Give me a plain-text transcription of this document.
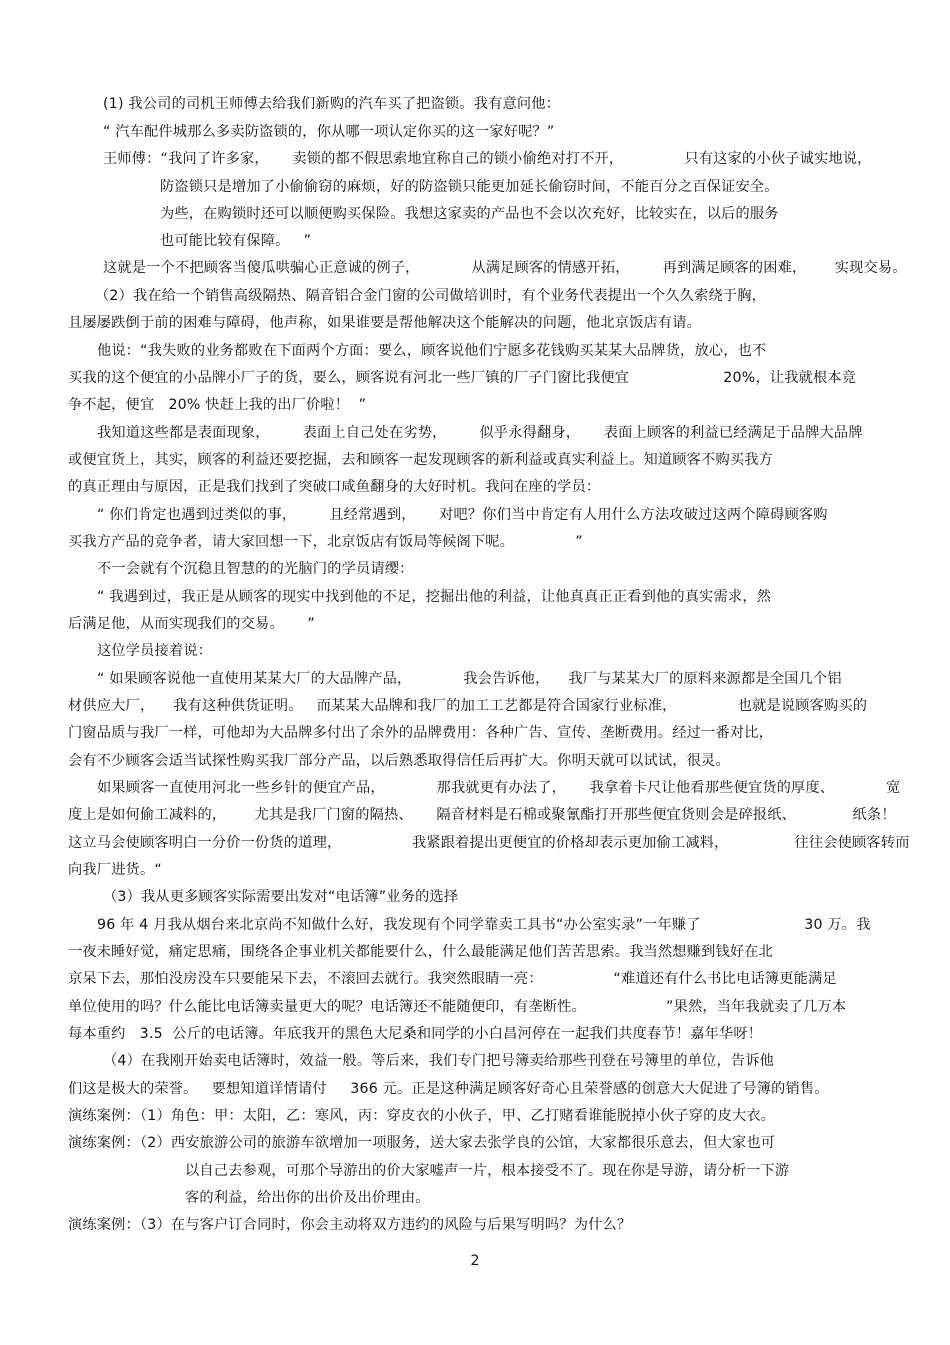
(1) 我公司的司机王师傅去给我们新购的汽车买了把盗锁。我有意问他：
“ 汽车配件城那么多卖防盗锁的，你从哪一项认定你买的这一家好呢？”
王师傅：“我问了许多家，     卖锁的都不假思索地宜称自己的锁小偷绝对打不开，             只有这家的小伙子诚实地说，
防盗锁只是增加了小偷偷窃的麻烦，好的防盗锁只能更加延长偷窃时间，不能百分之百保证安全。
为些，在购锁时还可以顺便购买保险。我想这家卖的产品也不会以次充好，比较实在，以后的服务
也可能比较有保障。   ”
这就是一个不把顾客当傻瓜哄骗心正意诚的例子，           从满足顾客的情感开拓，       再到满足顾客的困难，      实现交易。
（2）我在给一个销售高级隔热、隔音铝合金门窗的公司做培训时，有个业务代表提出一个久久索绕于胸，
且屡屡跌倒于前的困难与障碍，他声称，如果谁要是帮他解决这个能解决的问题，他北京饭店有请。
他说：“我失败的业务都败在下面两个方面：要么，顾客说他们宁愿多花钱购买某某大品牌货，放心，也不
买我的这个便宜的小品牌小厂子的货，要么，顾客说有河北一些厂镇的厂子门窗比我便宜                    20%，让我就根本竞
争不起，便宜   20% 快赶上我的出厂价啦！  ”
我知道这些都是表面现象，       表面上自己处在劣势，       似乎永得翻身，     表面上顾客的利益已经满足于品牌大品牌
或便宜货上，其实，顾客的利益还要挖掘，去和顾客一起发现顾客的新利益或真实利益上。知道顾客不购买我方
的真正理由与原因，正是我们找到了突破口咸鱼翻身的大好时机。我问在座的学员：
“ 你们肯定也遇到过类似的事，       且经常遇到，     对吧？你们当中肯定有人用什么方法攻破过这两个障碍顾客购
买我方产品的竞争者，请大家回想一下，北京饭店有饭局等候阁下呢。             ”
不一会就有个沉稳且智慧的的光脑门的学员请缨：
“ 我遇到过，我正是从顾客的现实中找到他的不足，挖掘出他的利益，让他真真正正看到他的真实需求，然
后满足他，从而实现我们的交易。     ”
这位学员接着说：
“ 如果顾客说他一直使用某某大厂的大品牌产品，           我会告诉他，    我厂与某某大厂的原料来源都是全国几个铝
材供应大厂，    我有这种供货证明。   而某某大品牌和我厂的加工工艺都是符合国家行业标准，             也就是说顾客购买的
门窗品质与我厂一样，可他却为大品牌多付出了余外的品牌费用：各种广告、宣传、垄断费用。经过一番对比，
会有不少顾客会适当试探性购买我厂部分产品，以后熟悉取得信任后再扩大。你明天就可以试试，很灵。
如果顾客一直使用河北一些乡针的便宜产品，           那我就更有办法了，     我拿着卡尺让他看那些便宜货的厚度、           宽
度上是如何偷工减料的，      尤其是我厂门窗的隔热、     隔音材料是石棉或聚氰酯打开那些便宜货则会是碎报纸、            纸条！
这立马会使顾客明白一分价一份货的道理，               我紧跟着提出更便宜的价格却表示更加偷工减料，              往往会使顾客转而
向我厂进货。“
（3）我从更多顾客实际需要出发对“电话簿”业务的选择
96 年 4 月我从烟台来北京尚不知做什么好，我发现有个同学靠卖工具书“办公室实录”一年赚了                      30 万。我
一夜未睡好觉，痛定思痛，围绕各企事业机关都能要什么，什么最能满足他们苦苦思索。我当然想赚到钱好在北
京呆下去，那怕没房没车只要能呆下去，不滚回去就行。我突然眼睛一亮：               “难道还有什么书比电话簿更能满足
单位使用的吗？什么能比电话簿卖量更大的呢？电话簿还不能随便印，有垄断性。                 ”果然，当年我就卖了几万本
每本重约   3.5  公斤的电话簿。年底我开的黑色大尼桑和同学的小白昌河停在一起我们共度春节！嘉年华呀！
（4）在我刚开始卖电话簿时，效益一般。等后来，我们专门把号簿卖给那些刊登在号簿里的单位，告诉他
们这是极大的荣誉。   要想知道详情请付     366 元。正是这种满足顾客好奇心且荣誉感的创意大大促进了号簿的销售。
演练案例：（1）角色：甲：太阳，乙：寒风，丙：穿皮衣的小伙子，甲、乙打赌看谁能脱掉小伙子穿的皮大衣。
演练案例：（2）西安旅游公司的旅游车欲增加一项服务，送大家去张学良的公馆，大家都很乐意去，但大家也可
以自己去参观，可那个导游出的价大家嘘声一片，根本接受不了。现在你是导游，请分析一下游
客的利益，给出你的出价及出价理由。
演练案例：（3）在与客户订合同时，你会主动将双方违约的风险与后果写明吗？为什么？
2
